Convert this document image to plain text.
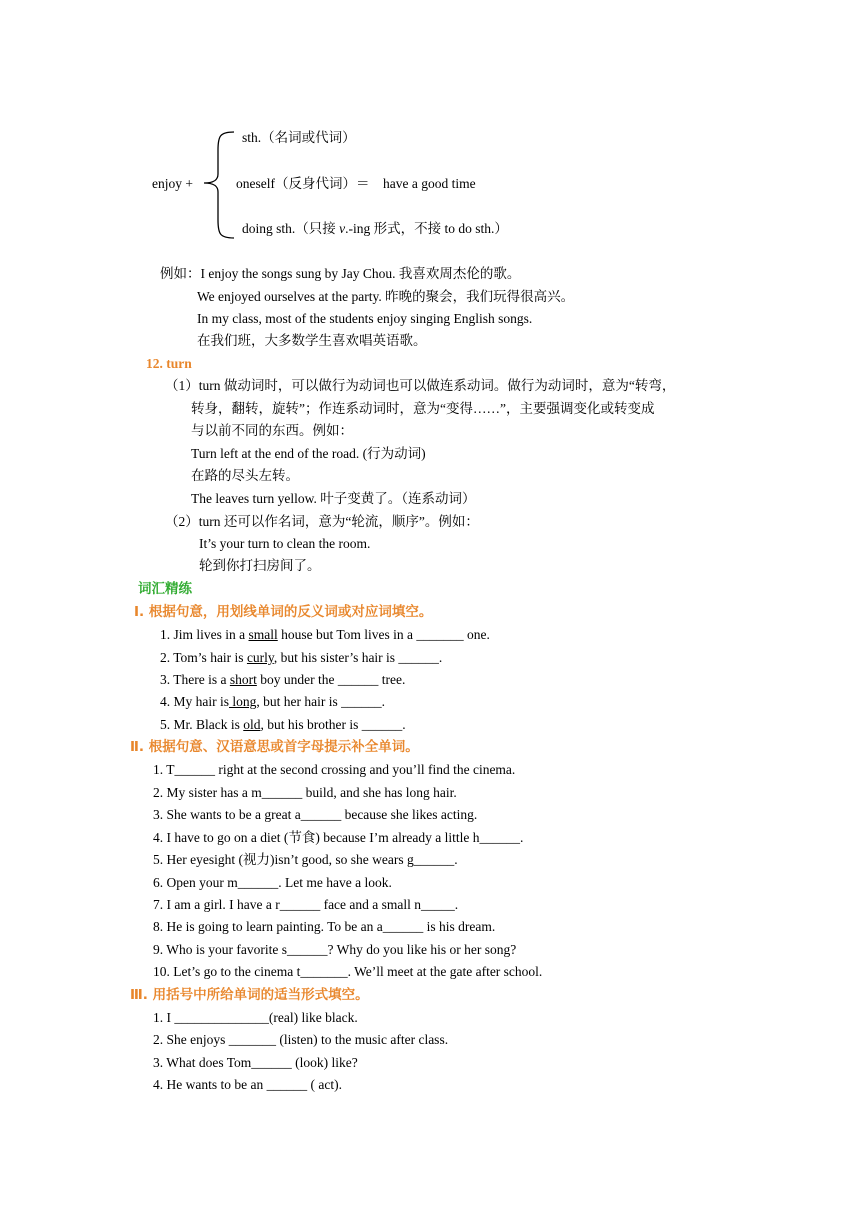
enjoy +
sth.（名词或代词）
oneself（反身代词）＝　have a good time
doing sth.（只接 v.-ing 形式，不接 to do sth.）
例如：I enjoy the songs sung by Jay Chou. 我喜欢周杰伦的歌。
We enjoyed ourselves at the party. 昨晚的聚会，我们玩得很高兴。
In my class, most of the students enjoy singing English songs.
在我们班，大多数学生喜欢唱英语歌。
12. turn
（1）turn 做动词时，可以做行为动词也可以做连系动词。做行为动词时，意为“转弯，
转身，翻转，旋转”；作连系动词时，意为“变得……”，主要强调变化或转变成
与以前不同的东西。例如：
Turn left at the end of the road. (行为动词)
在路的尽头左转。
The leaves turn yellow. 叶子变黄了。（连系动词）
（2）turn 还可以作名词，意为“轮流，顺序”。例如：
It’s your turn to clean the room.
轮到你打扫房间了。
词汇精练
Ⅰ. 根据句意，用划线单词的反义词或对应词填空。
1. Jim lives in a small house but Tom lives in a _______ one.
2. Tom’s hair is curly, but his sister’s hair is ______.
3. There is a short boy under the ______ tree.
4. My hair is long, but her hair is ______.
5. Mr. Black is old, but his brother is ______.
Ⅱ. 根据句意、汉语意思或首字母提示补全单词。
1. T______ right at the second crossing and you’ll find the cinema.
2. My sister has a m______ build, and she has long hair.
3. She wants to be a great a______ because she likes acting.
4. I have to go on a diet (节食) because I’m already a little h______.
5. Her eyesight (视力)isn’t good, so she wears g______.
6. Open your m______. Let me have a look.
7. I am a girl. I have a r______ face and a small n_____.
8. He is going to learn painting. To be an a______ is his dream.
9. Who is your favorite s______? Why do you like his or her song?
10. Let’s go to the cinema t_______. We’ll meet at the gate after school.
Ⅲ. 用括号中所给单词的适当形式填空。
1. I ______________(real) like black.
2. She enjoys _______ (listen) to the music after class.
3. What does Tom______ (look) like?
4. He wants to be an ______ ( act).
